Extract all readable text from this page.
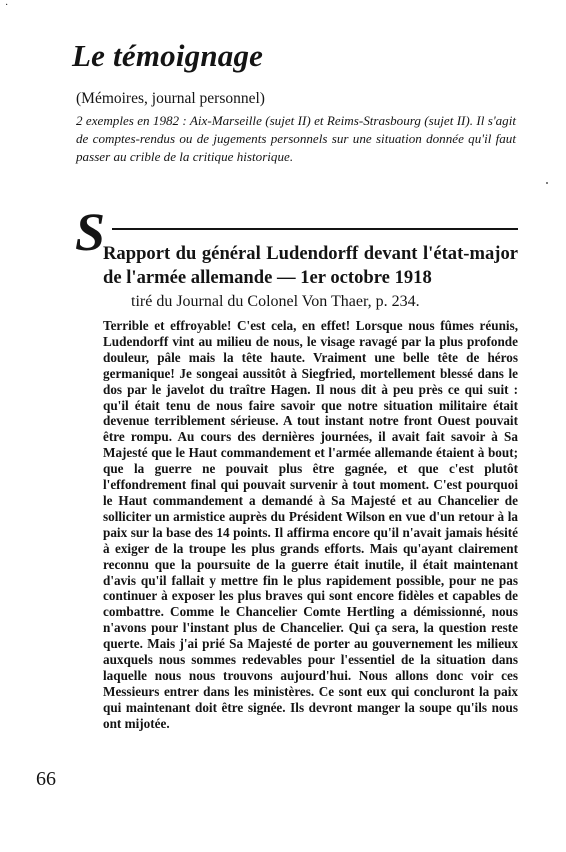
·
Le témoignage

(Mémoires, journal personnel)

2 exemples en 1982 : Aix-Marseille (sujet II) et Reims-Strasbourg (sujet II). Il s'agit de comptes-rendus ou de jugements personnels sur une situation donnée qu'il faut passer au crible de la critique historique.

S
Rapport du général Ludendorff devant l'état-major de l'armée allemande — 1er octobre 1918

tiré du Journal du Colonel Von Thaer, p. 234.

Terrible et effroyable! C'est cela, en effet! Lorsque nous fûmes réunis, Ludendorff vint au milieu de nous, le visage ravagé par la plus profonde douleur, pâle mais la tête haute. Vraiment une belle tête de héros germanique! Je songeai aussitôt à Siegfried, mortellement blessé dans le dos par le javelot du traître Hagen. Il nous dit à peu près ce qui suit : qu'il était tenu de nous faire savoir que notre situation militaire était devenue terriblement sérieuse. A tout instant notre front Ouest pouvait être rompu. Au cours des dernières journées, il avait fait savoir à Sa Majesté que le Haut commandement et l'armée allemande étaient à bout; que la guerre ne pouvait plus être gagnée, et que c'est plutôt l'effondrement final qui pouvait survenir à tout moment. C'est pourquoi le Haut commandement a demandé à Sa Majesté et au Chancelier de solliciter un armistice auprès du Président Wilson en vue d'un retour à la paix sur la base des 14 points. Il affirma encore qu'il n'avait jamais hésité à exiger de la troupe les plus grands efforts. Mais qu'ayant clairement reconnu que la poursuite de la guerre était inutile, il était maintenant d'avis qu'il fallait y mettre fin le plus rapidement possible, pour ne pas continuer à exposer les plus braves qui sont encore fidèles et capables de combattre. Comme le Chancelier Comte Hertling a démissionné, nous n'avons pour l'instant plus de Chancelier. Qui ça sera, la question reste querte. Mais j'ai prié Sa Majesté de porter au gouvernement les milieux auxquels nous sommes redevables pour l'essentiel de la situation dans laquelle nous nous trouvons aujourd'hui. Nous allons donc voir ces Messieurs entrer dans les ministères. Ce sont eux qui concluront la paix qui maintenant doit être signée. Ils devront manger la soupe qu'ils nous ont mijotée.

66
